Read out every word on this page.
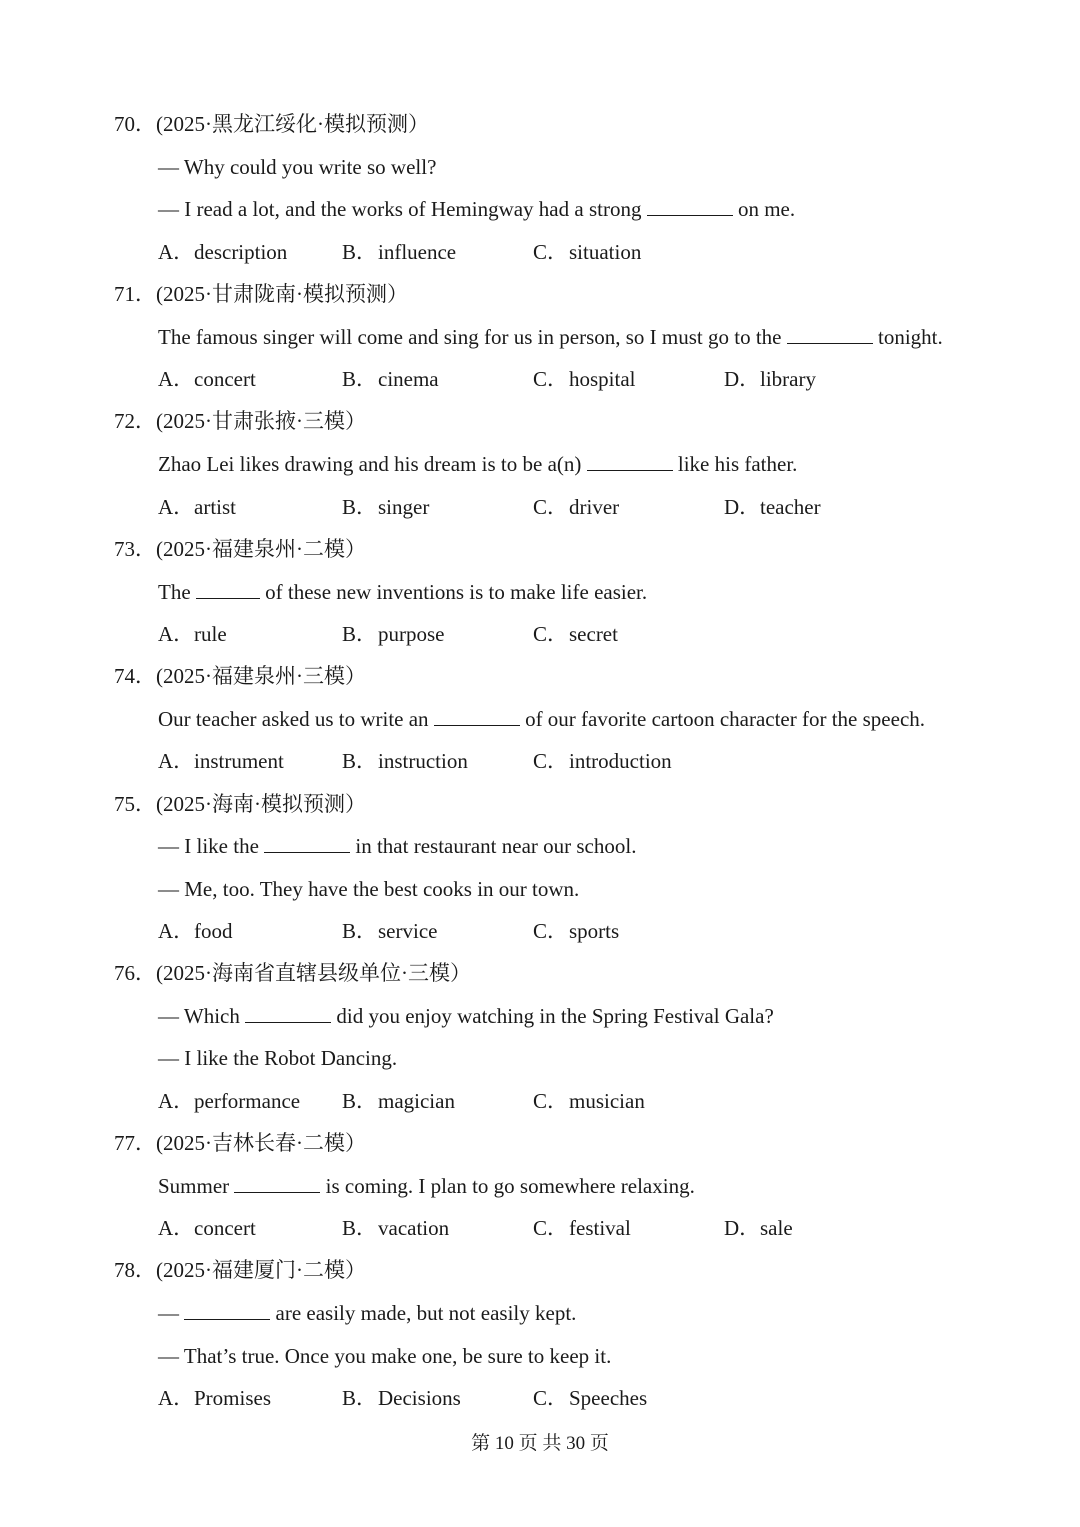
70．(2025·黑龙江绥化·模拟预测）
— Why could you write so well?
— I read a lot, and the works of Hemingway had a strong	on me.
A．description	B．influence	C．situation
71．(2025·甘肃陇南·模拟预测）
The famous singer will come and sing for us in person, so I must go to the	tonight.
A．concert	B．cinema	C．hospital	D．library
72．(2025·甘肃张掖·三模）
Zhao Lei likes drawing and his dream is to be a(n)	like his father.
A．artist	B．singer	C．driver	D．teacher
73．(2025·福建泉州·二模）
The	of these new inventions is to make life easier.
A．rule	B．purpose	C．secret
74．(2025·福建泉州·三模）
Our teacher asked us to write an	of our favorite cartoon character for the speech.
A．instrument	B．instruction	C．introduction
75．(2025·海南·模拟预测）
— I like the	in that restaurant near our school.
— Me, too. They have the best cooks in our town.
A．food	B．service	C．sports
76．(2025·海南省直辖县级单位·三模）
— Which	did you enjoy watching in the Spring Festival Gala?
— I like the Robot Dancing.
A．performance B．magician	C．musician
77．(2025·吉林长春·二模）
Summer	is coming. I plan to go somewhere relaxing.
A．concert	B．vacation	C．festival	D．sale
78．(2025·福建厦门·二模）
—	are easily made, but not easily kept.
— That’s true. Once you make one, be sure to keep it.
A．Promises	B．Decisions	C．Speeches
第 10 页 共 30 页
